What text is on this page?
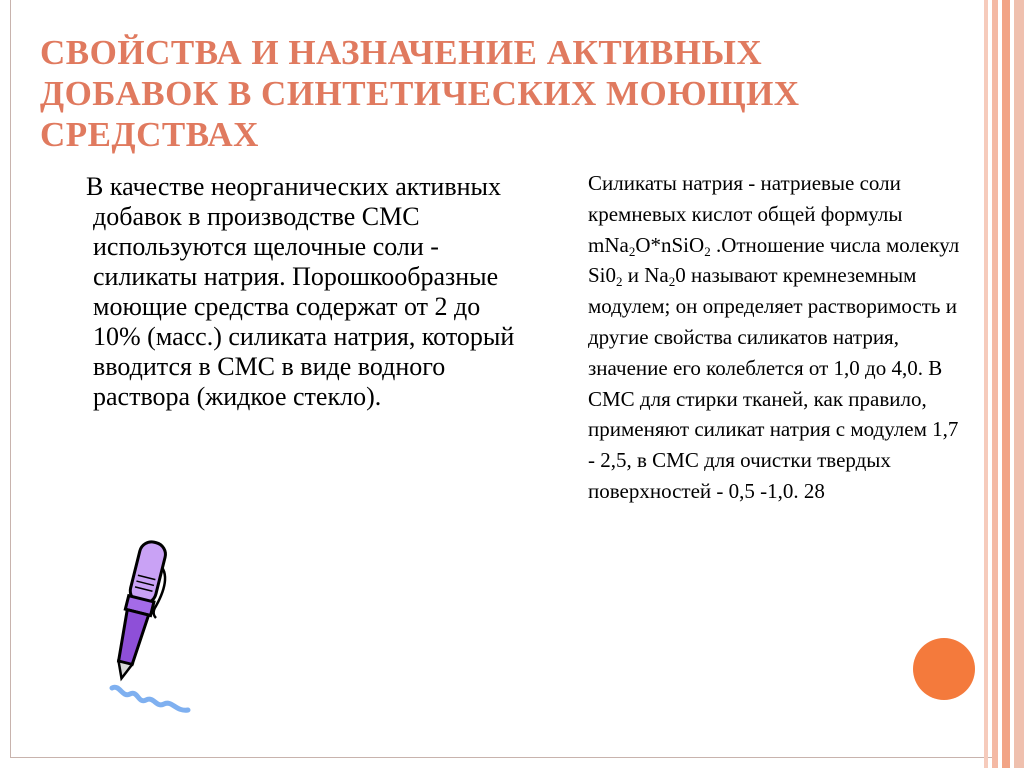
СВОЙСТВА И НАЗНАЧЕНИЕ АКТИВНЫХ ДОБАВОК В СИНТЕТИЧЕСКИХ МОЮЩИХ СРЕДСТВАХ

В качестве неорганических активных добавок в производстве СМС используются щелочные соли - силикаты натрия. Порошкообразные моющие средства содержат от 2 до 10% (масс.) силиката натрия, который вводится в СМС в виде водного раствора (жидкое стекло).

Силикаты натрия - натриевые соли кремневых кислот общей формулы mNa$_2$O*nSiO$_2$ .Отношение числа молекул $Si0_2$ и $Na_20$ называют кремнеземным модулем; он определяет растворимость и другие свойства силикатов натрия, значение его колеблется от 1,0 до 4,0. В СМС для стирки тканей, как правило, применяют силикат натрия с модулем 1,7 - 2,5, в СМС для очистки твердых поверхностей - 0,5 -1,0. 28
